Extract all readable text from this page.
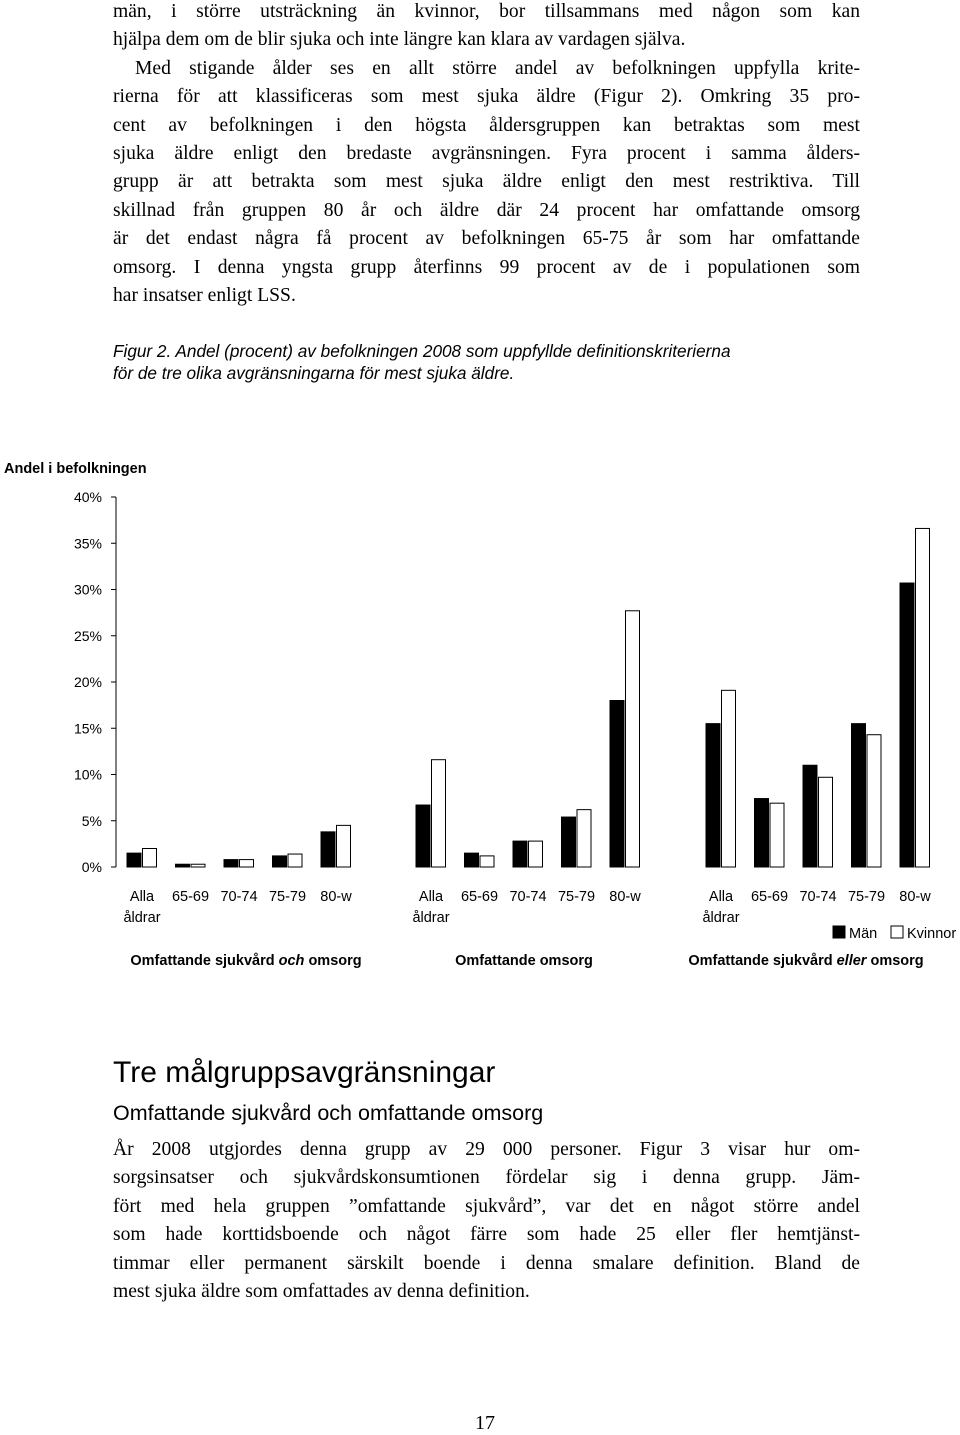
män, i större utsträckning än kvinnor, bor tillsammans med någon som kan
hjälpa dem om de blir sjuka och inte längre kan klara av vardagen själva.
Med stigande ålder ses en allt större andel av befolkningen uppfylla krite-
rierna för att klassificeras som mest sjuka äldre (Figur 2). Omkring 35 pro-
cent av befolkningen i den högsta åldersgruppen kan betraktas som mest
sjuka äldre enligt den bredaste avgränsningen. Fyra procent i samma ålders-
grupp är att betrakta som mest sjuka äldre enligt den mest restriktiva. Till
skillnad från gruppen 80 år och äldre där 24 procent har omfattande omsorg
är det endast några få procent av befolkningen 65-75 år som har omfattande
omsorg. I denna yngsta grupp återfinns 99 procent av de i populationen som
har insatser enligt LSS.

Figur 2. Andel (procent) av befolkningen 2008 som uppfyllde definitionskriterierna
för de tre olika avgränsningarna för mest sjuka äldre.

Andel i befolkningen
0%
5%
10%
15%
20%
25%
30%
35%
40%
Alla
åldrar
65-69 70-74 75-79 80-w
Omfattande sjukvård och omsorg
Alla
åldrar
65-69 70-74 75-79 80-w
Omfattande omsorg
Alla
åldrar
65-69 70-74 75-79 80-w
Omfattande sjukvård eller omsorg
Män Kvinnor
Tre målgruppsavgränsningar
Omfattande sjukvård och omfattande omsorg
År 2008 utgjordes denna grupp av 29 000 personer. Figur 3 visar hur om-
sorgsinsatser och sjukvårdskonsumtionen fördelar sig i denna grupp. Jäm-
fört med hela gruppen ”omfattande sjukvård”, var det en något större andel
som hade korttidsboende och något färre som hade 25 eller fler hemtjänst-
timmar eller permanent särskilt boende i denna smalare definition. Bland de
mest sjuka äldre som omfattades av denna definition.
17
